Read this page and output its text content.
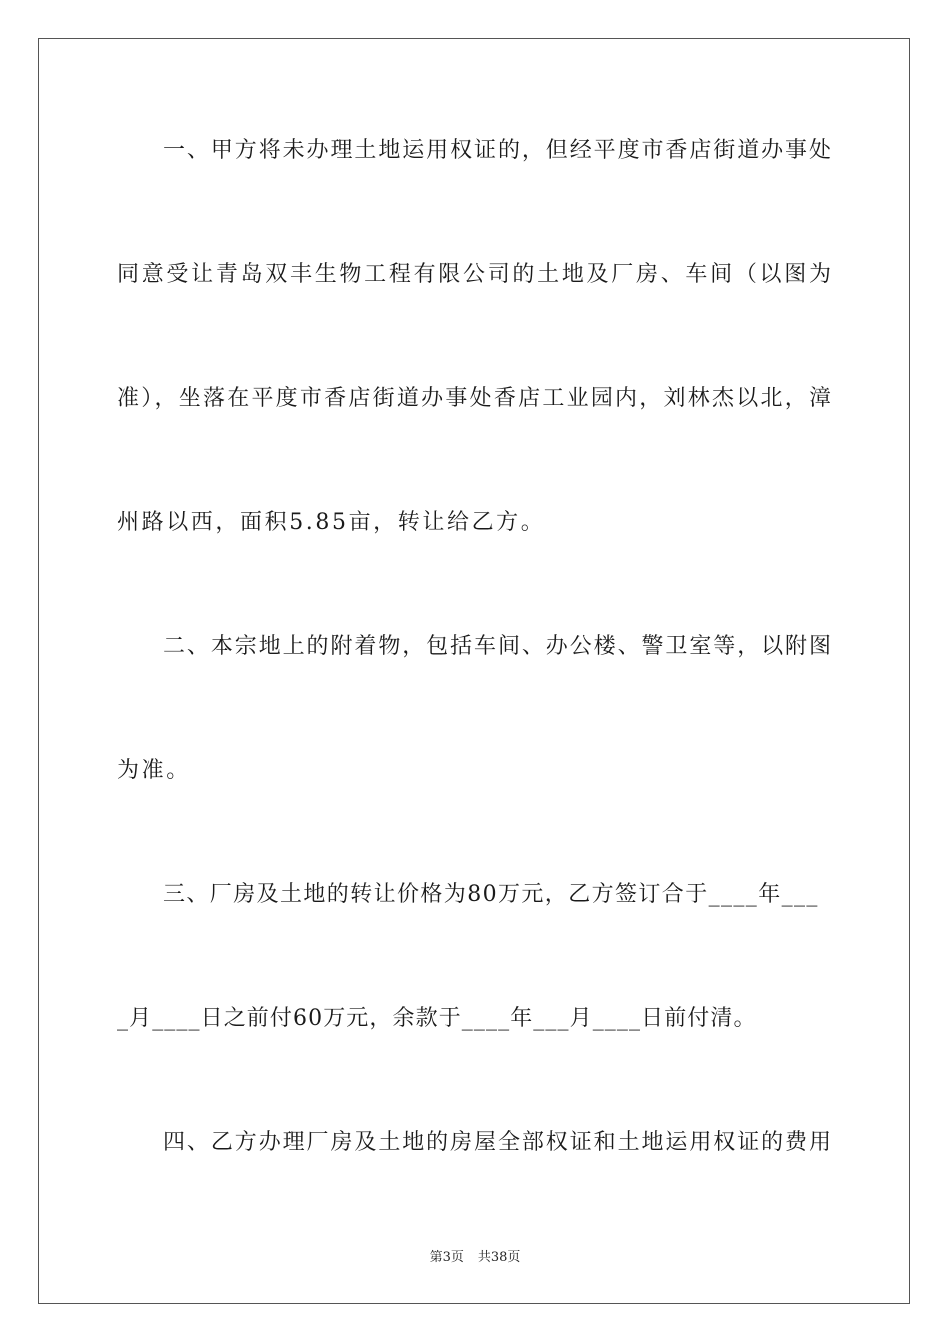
一、甲方将未办理土地运用权证的，但经平度市香店街道办事处

同意受让青岛双丰生物工程有限公司的土地及厂房、车间（以图为

准），坐落在平度市香店街道办事处香店工业园内，刘林杰以北，漳

州路以西，面积5.85亩，转让给乙方。

二、本宗地上的附着物，包括车间、办公楼、警卫室等，以附图

为准。

三、厂房及土地的转让价格为80万元，乙方签订合于____年___

_月____日之前付60万元，余款于____年___月____日前付清。

四、乙方办理厂房及土地的房屋全部权证和土地运用权证的费用

第3页 共38页
